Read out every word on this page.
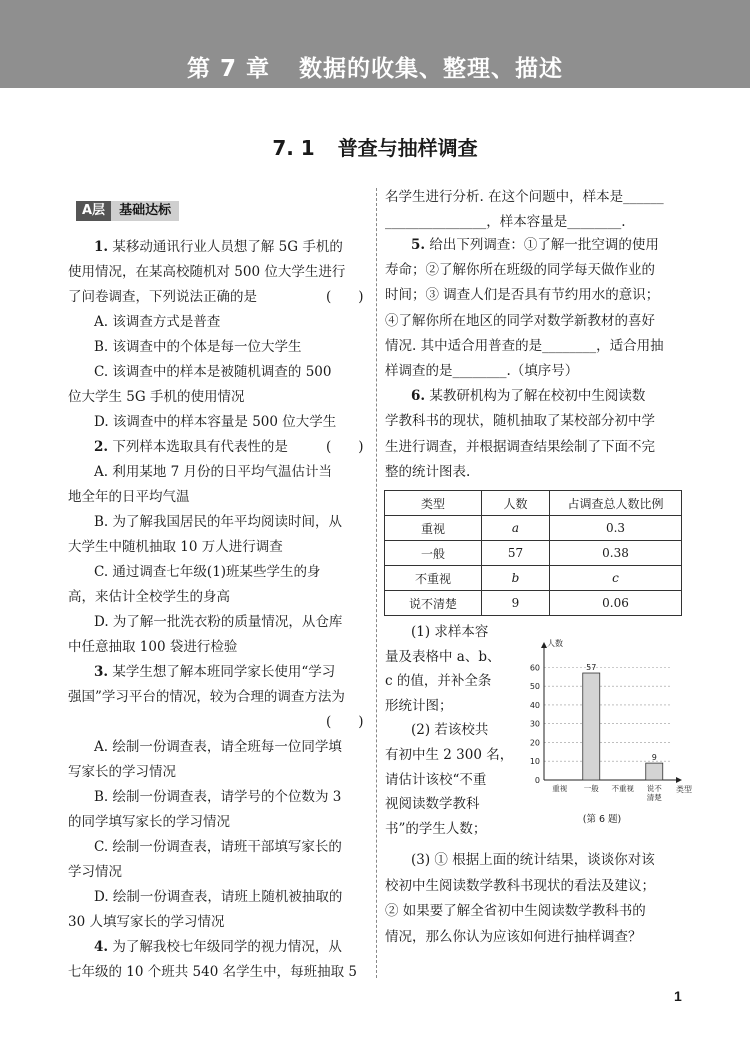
第 7 章 数据的收集、整理、描述
7. 1 普查与抽样调查
A层	基础达标
1. 某移动通讯行业人员想了解 5G 手机的
使用情况，在某高校随机对 500 位大学生进行
了问卷调查，下列说法正确的是
A. 该调查方式是普查
B. 该调查中的个体是每一位大学生
C. 该调查中的样本是被随机调查的 500
位大学生 5G 手机的使用情况
D. 该调查中的样本容量是 500 位大学生
2. 下列样本选取具有代表性的是
A. 利用某地 7 月份的日平均气温估计当
地全年的日平均气温
B. 为了解我国居民的年平均阅读时间，从
大学生中随机抽取 10 万人进行调查
C. 通过调查七年级(1)班某些学生的身
高，来估计全校学生的身高
D. 为了解一批洗衣粉的质量情况，从仓库
中任意抽取 100 袋进行检验
3. 某学生想了解本班同学家长使用“学习
强国”学习平台的情况，较为合理的调查方法为
A. 绘制一份调查表，请全班每一位同学填
写家长的学习情况
B. 绘制一份调查表，请学号的个位数为 3
的同学填写家长的学习情况
C. 绘制一份调查表，请班干部填写家长的
学习情况
D. 绘制一份调查表，请班上随机被抽取的
30 人填写家长的学习情况
4. 为了解我校七年级同学的视力情况，从
七年级的 10 个班共 540 名学生中，每班抽取 5
(　　)
(　　)
(　　)
名学生进行分析. 在这个问题中，样本是______
_______________，样本容量是________.
5. 给出下列调查：①了解一批空调的使用
寿命；②了解你所在班级的同学每天做作业的
时间；③ 调查人们是否具有节约用水的意识；
④了解你所在地区的同学对数学新教材的喜好
情况. 其中适合用普查的是________，适合用抽
样调查的是________.（填序号）
6. 某教研机构为了解在校初中生阅读数
学教科书的现状，随机抽取了某校部分初中学
生进行调查，并根据调查结果绘制了下面不完
整的统计图表.
(1) 求样本容
量及表格中 a、b、
c 的值，并补全条
形统计图；
(2) 若该校共
有初中生 2 300 名，
请估计该校“不重
视阅读数学教科
书”的学生人数；
(3) ① 根据上面的统计结果，谈谈你对该
校初中生阅读数学教科书现状的看法及建议；
② 如果要了解全省初中生阅读数学教科书的
情况，那么你认为应该如何进行抽样调查？
类型	人数	占调查总人数比例
重视	a	0.3
一般	57	0.38
不重视	b	c
说不清楚	9	0.06
0
10
20
30
40
50
60
人数
类型
重视
57
一般 不重视
9
说不
清楚
(第 6 题)
1
